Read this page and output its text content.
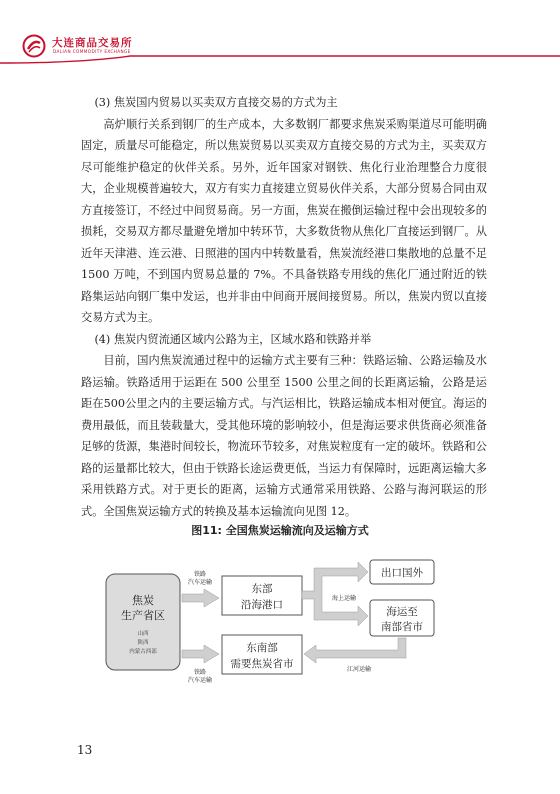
大连商品交易所
DALIAN COMMODITY EXCHANGE

(3) 焦炭国内贸易以买卖双方直接交易的方式为主

高炉顺行关系到钢厂的生产成本，大多数钢厂都要求焦炭采购渠道尽可能明确固定，质量尽可能稳定，所以焦炭贸易以买卖双方直接交易的方式为主，买卖双方尽可能维护稳定的伙伴关系。另外，近年国家对钢铁、焦化行业治理整合力度很大，企业规模普遍较大，双方有实力直接建立贸易伙伴关系，大部分贸易合同由双方直接签订，不经过中间贸易商。另一方面，焦炭在搬倒运输过程中会出现较多的损耗，交易双方都尽量避免增加中转环节，大多数货物从焦化厂直接运到钢厂。从近年天津港、连云港、日照港的国内中转数量看，焦炭流经港口集散地的总量不足 1500 万吨，不到国内贸易总量的 7%。不具备铁路专用线的焦化厂通过附近的铁路集运站向钢厂集中发运，也并非由中间商开展间接贸易。所以，焦炭内贸以直接交易方式为主。

(4) 焦炭内贸流通区域内公路为主，区域水路和铁路并举

目前，国内焦炭流通过程中的运输方式主要有三种：铁路运输、公路运输及水路运输。铁路适用于运距在 500 公里至 1500 公里之间的长距离运输，公路是运距在500公里之内的主要运输方式。与汽运相比，铁路运输成本相对便宜。海运的费用最低，而且装载量大，受其他环境的影响较小，但是海运要求供货商必须准备足够的货源，集港时间较长，物流环节较多，对焦炭粒度有一定的破坏。铁路和公路的运量都比较大，但由于铁路长途运费更低，当运力有保障时，远距离运输大多采用铁路方式。对于更长的距离，运输方式通常采用铁路、公路与海河联运的形式。全国焦炭运输方式的转换及基本运输流向见图 12。

图11: 全国焦炭运输流向及运输方式
焦炭
生产省区
山西
陕西
内蒙古西部
铁路
汽车运输
东部
沿海港口
海上运输
出口国外
海运至
南部省市
铁路
汽车运输
东南部
需要焦炭省市	江河运输
13
